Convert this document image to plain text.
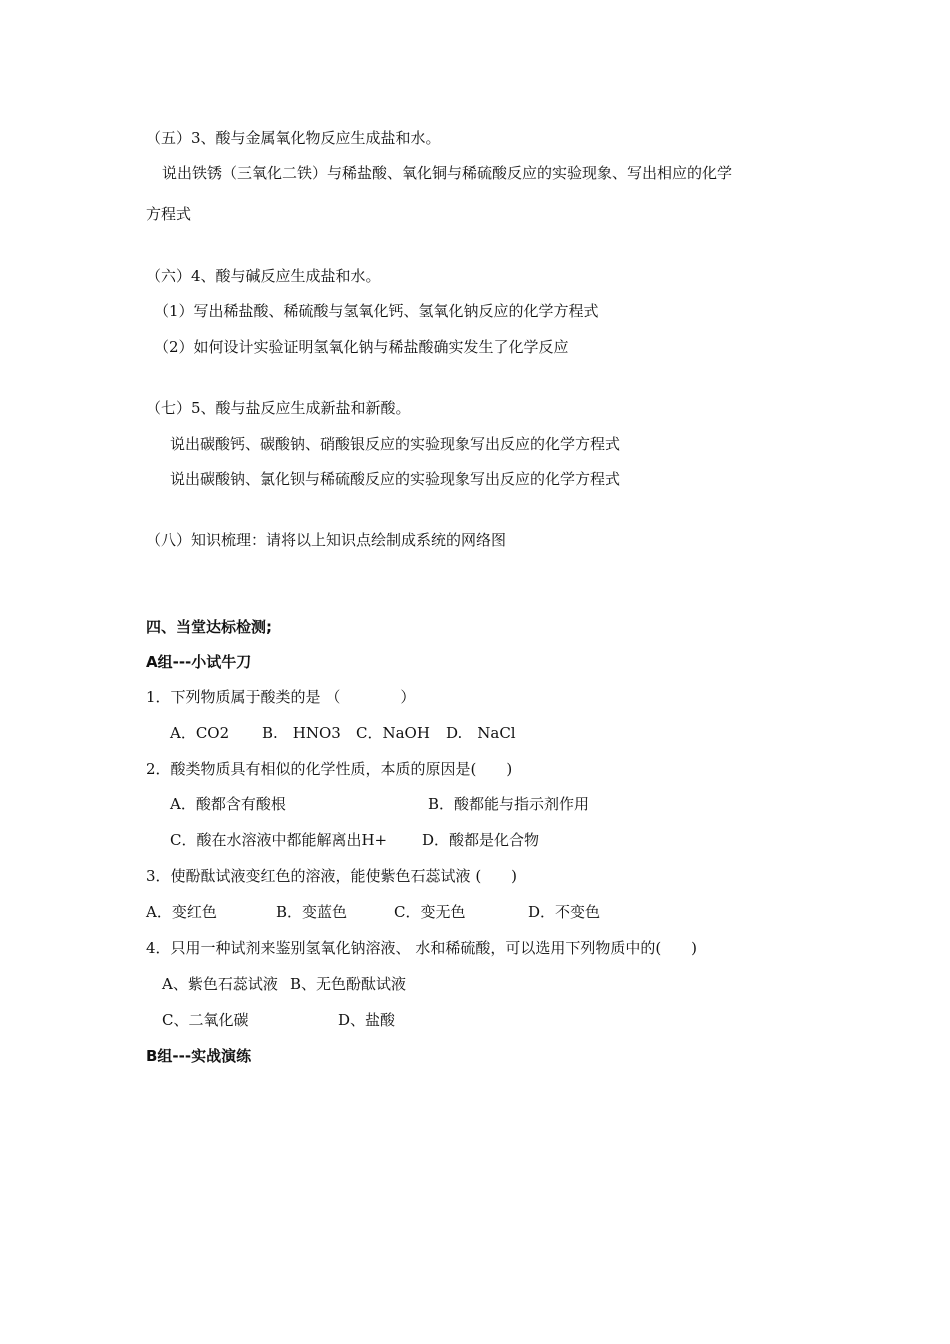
（五）3、酸与金属氧化物反应生成盐和水。
说出铁锈（三氧化二铁）与稀盐酸、氧化铜与稀硫酸反应的实验现象、写出相应的化学
方程式
（六）4、酸与碱反应生成盐和水。
（1）写出稀盐酸、稀硫酸与氢氧化钙、氢氧化钠反应的化学方程式
（2）如何设计实验证明氢氧化钠与稀盐酸确实发生了化学反应
（七）5、酸与盐反应生成新盐和新酸。
说出碳酸钙、碳酸钠、硝酸银反应的实验现象写出反应的化学方程式
说出碳酸钠、氯化钡与稀硫酸反应的实验现象写出反应的化学方程式
（八）知识梳理：请将以上知识点绘制成系统的网络图
四、当堂达标检测;
A组---小试牛刀
1．下列物质属于酸类的是 （　　　　）
A．CO2 B.　HNO3 C．NaOH D.　NaCl
2．酸类物质具有相似的化学性质，本质的原因是(　　)
A．酸都含有酸根	B．酸都能与指示剂作用
C．酸在水溶液中都能解离出H+ D．酸都是化合物
3．使酚酞试液变红色的溶液，能使紫色石蕊试液 (　　)
A．变红色	B．变蓝色	C．变无色	D．不变色
4．只用一种试剂来鉴别氢氧化钠溶液、 水和稀硫酸，可以选用下列物质中的(　　)
A、紫色石蕊试液 B、无色酚酞试液
C、二氧化碳	D、盐酸
B组---实战演练
